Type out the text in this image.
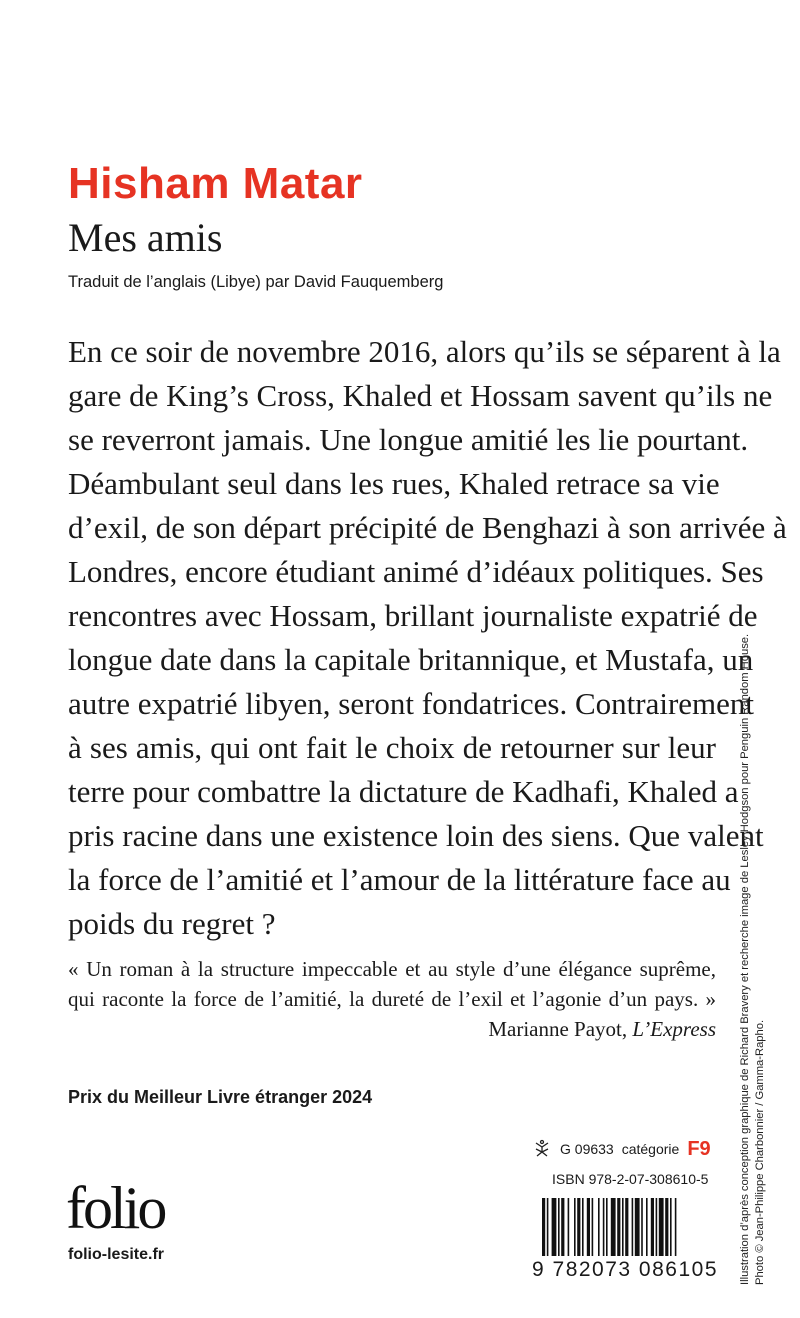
Hisham Matar
Mes amis

Traduit de l’anglais (Libye) par David Fauquemberg

En ce soir de novembre 2016, alors qu’ils se séparent à la
gare de King’s Cross, Khaled et Hossam savent qu’ils ne
se reverront jamais. Une longue amitié les lie pourtant.
Déambulant seul dans les rues, Khaled retrace sa vie
d’exil, de son départ précipité de Benghazi à son arrivée à
Londres, encore étudiant animé d’idéaux politiques. Ses
rencontres avec Hossam, brillant journaliste expatrié de
longue date dans la capitale britannique, et Mustafa, un
autre expatrié libyen, seront fondatrices. Contrairement
à ses amis, qui ont fait le choix de retourner sur leur
terre pour combattre la dictature de Kadhafi, Khaled a
pris racine dans une existence loin des siens. Que valent
la force de l’amitié et l’amour de la littérature face au
poids du regret ?
« Un roman à la structure impeccable et au style d’une élégance suprême,
qui raconte la force de l’amitié, la dureté de l’exil et l’agonie d’un pays. »
Marianne Payot, L’Express

Prix du Meilleur Livre étranger 2024

folio

folio-lesite.fr

G 09633 catégorie F9
ISBN 978-2-07-308610-5
9 782073 086105 Illustration d’après conception graphique de Richard Bravery et recherche image de Lesley Hodgson pour Penguin Random House. Photo © Jean-Philippe Charbonnier / Gamma-Rapho.
